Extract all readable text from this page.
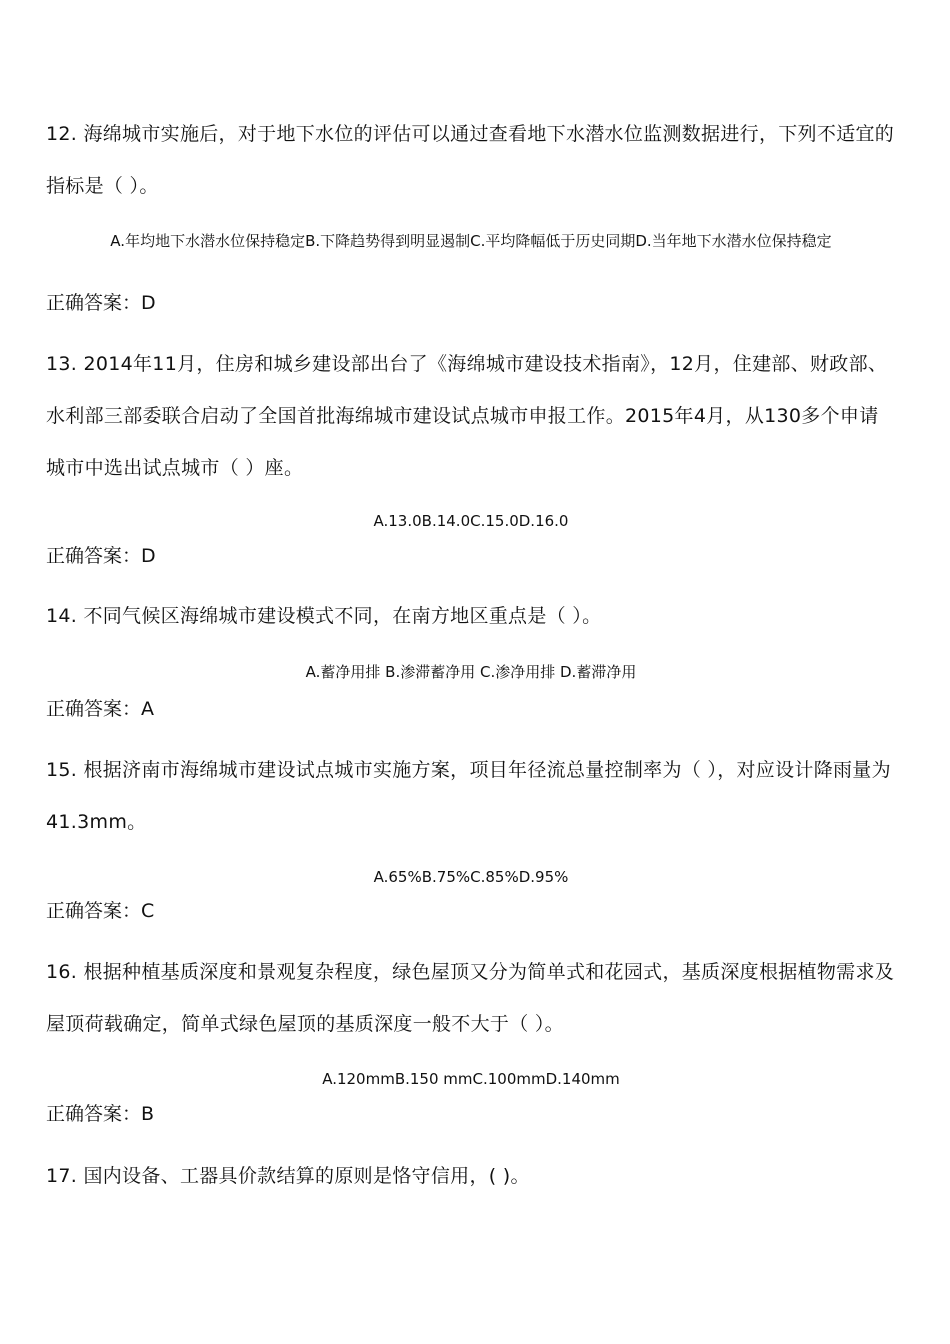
12. 海绵城市实施后，对于地下水位的评估可以通过查看地下水潜水位监测数据进行，下列不适宜的指标是（ ）。
A.年均地下水潜水位保持稳定B.下降趋势得到明显遏制C.平均降幅低于历史同期D.当年地下水潜水位保持稳定
正确答案：D
13. 2014年11月，住房和城乡建设部出台了《海绵城市建设技术指南》，12月，住建部、财政部、水利部三部委联合启动了全国首批海绵城市建设试点城市申报工作。2015年4月，从130多个申请城市中选出试点城市（ ）座。
A.13.0B.14.0C.15.0D.16.0
正确答案：D
14. 不同气候区海绵城市建设模式不同，在南方地区重点是（ ）。
A.蓄净用排 B.渗滞蓄净用 C.渗净用排 D.蓄滞净用
正确答案：A
15. 根据济南市海绵城市建设试点城市实施方案，项目年径流总量控制率为（ ），对应设计降雨量为41.3mm。
A.65%B.75%C.85%D.95%
正确答案：C
16. 根据种植基质深度和景观复杂程度，绿色屋顶又分为简单式和花园式，基质深度根据植物需求及屋顶荷载确定，简单式绿色屋顶的基质深度一般不大于（ ）。
A.120mmB.150 mmC.100mmD.140mm
正确答案：B
17. 国内设备、工器具价款结算的原则是恪守信用，( )。
